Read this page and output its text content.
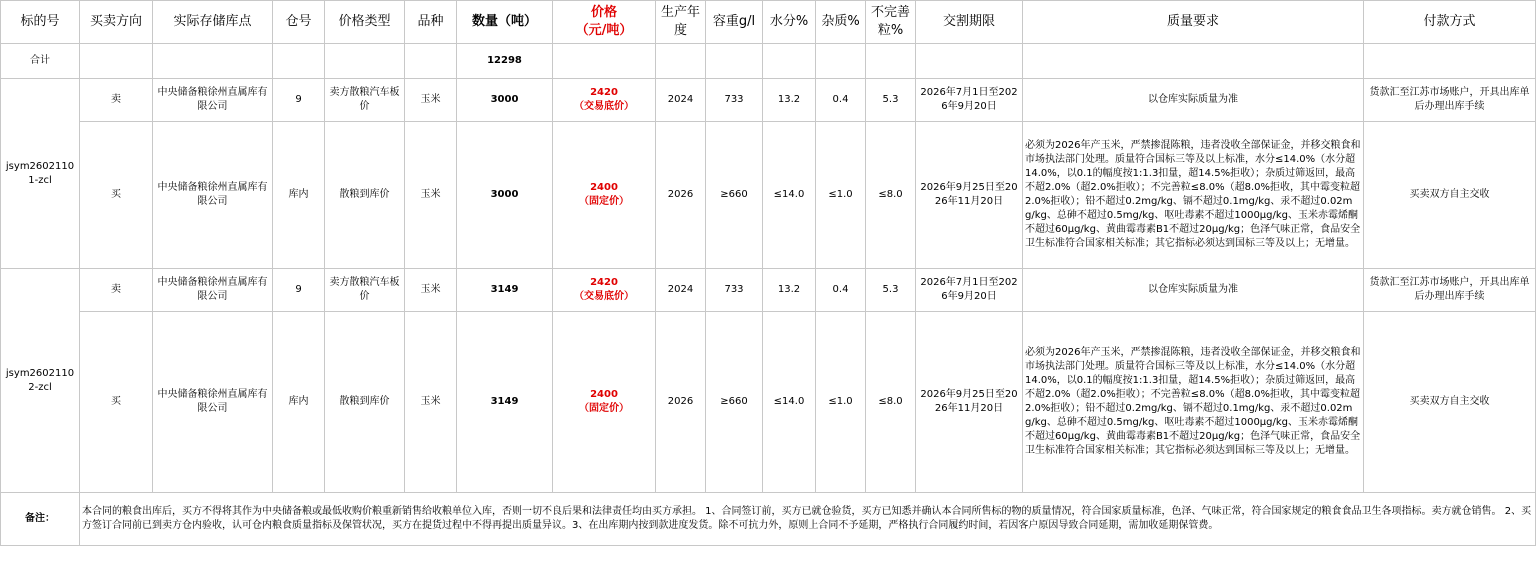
标的号	买卖方向	实际存储库点	仓号	价格类型	品种	数量（吨）	价格
（元/吨）	生产年度	容重g/l	水分%	杂质%	不完善粒%	交割期限	质量要求	付款方式
合计						12298									
jsym26021101-zcl	卖	中央储备粮徐州直属库有限公司	9	卖方散粮汽车板价	玉米	3000	2420
（交易底价）	2024	733	13.2	0.4	5.3	2026年7月1日至2026年9月20日	以仓库实际质量为准	货款汇至江苏市场账户，开具出库单后办理出库手续
	买	中央储备粮徐州直属库有限公司	库内	散粮到库价	玉米	3000	2400
（固定价）	2026	≥660	≤14.0	≤1.0	≤8.0	2026年9月25日至2026年11月20日	必须为2026年产玉米，严禁掺混陈粮，违者没收全部保证金，并移交粮食和市场执法部门处理。质量符合国标三等及以上标准，水分≤14.0%（水分超14.0%，以0.1的幅度按1:1.3扣量，超14.5%拒收）；杂质过筛返回，最高不超2.0%（超2.0%拒收）；不完善粒≤8.0%（超8.0%拒收，其中霉变粒超2.0%拒收）；铅不超过0.2mg/kg、镉不超过0.1mg/kg、汞不超过0.02mg/kg、总砷不超过0.5mg/kg、呕吐毒素不超过1000μg/kg、玉米赤霉烯酮不超过60μg/kg、黄曲霉毒素B1不超过20μg/kg；色泽气味正常，食品安全卫生标准符合国家相关标准；其它指标必须达到国标三等及以上；无增量。	买卖双方自主交收
jsym26021102-zcl	卖	中央储备粮徐州直属库有限公司	9	卖方散粮汽车板价	玉米	3149	2420
（交易底价）	2024	733	13.2	0.4	5.3	2026年7月1日至2026年9月20日	以仓库实际质量为准	货款汇至江苏市场账户，开具出库单后办理出库手续
	买	中央储备粮徐州直属库有限公司	库内	散粮到库价	玉米	3149	2400
（固定价）	2026	≥660	≤14.0	≤1.0	≤8.0	2026年9月25日至2026年11月20日	必须为2026年产玉米，严禁掺混陈粮，违者没收全部保证金，并移交粮食和市场执法部门处理。质量符合国标三等及以上标准，水分≤14.0%（水分超14.0%，以0.1的幅度按1:1.3扣量，超14.5%拒收）；杂质过筛返回，最高不超2.0%（超2.0%拒收）；不完善粒≤8.0%（超8.0%拒收，其中霉变粒超2.0%拒收）；铅不超过0.2mg/kg、镉不超过0.1mg/kg、汞不超过0.02mg/kg、总砷不超过0.5mg/kg、呕吐毒素不超过1000μg/kg、玉米赤霉烯酮不超过60μg/kg、黄曲霉毒素B1不超过20μg/kg；色泽气味正常，食品安全卫生标准符合国家相关标准；其它指标必须达到国标三等及以上；无增量。	买卖双方自主交收
备注：	本合同的粮食出库后，买方不得将其作为中央储备粮或最低收购价粮重新销售给收粮单位入库，否则一切不良后果和法律责任均由买方承担。 1、合同签订前，买方已就仓验货，买方已知悉并确认本合同所售标的物的质量情况，符合国家质量标准，色泽、气味正常，符合国家规定的粮食食品卫生各项指标。卖方就仓销售。 2、买方签订合同前已到卖方仓内验收，认可仓内粮食质量指标及保管状况，买方在提货过程中不得再提出质量异议。3、在出库期内按到款进度发货。除不可抗力外，原则上合同不予延期，严格执行合同履约时间，若因客户原因导致合同延期，需加收延期保管费。														
